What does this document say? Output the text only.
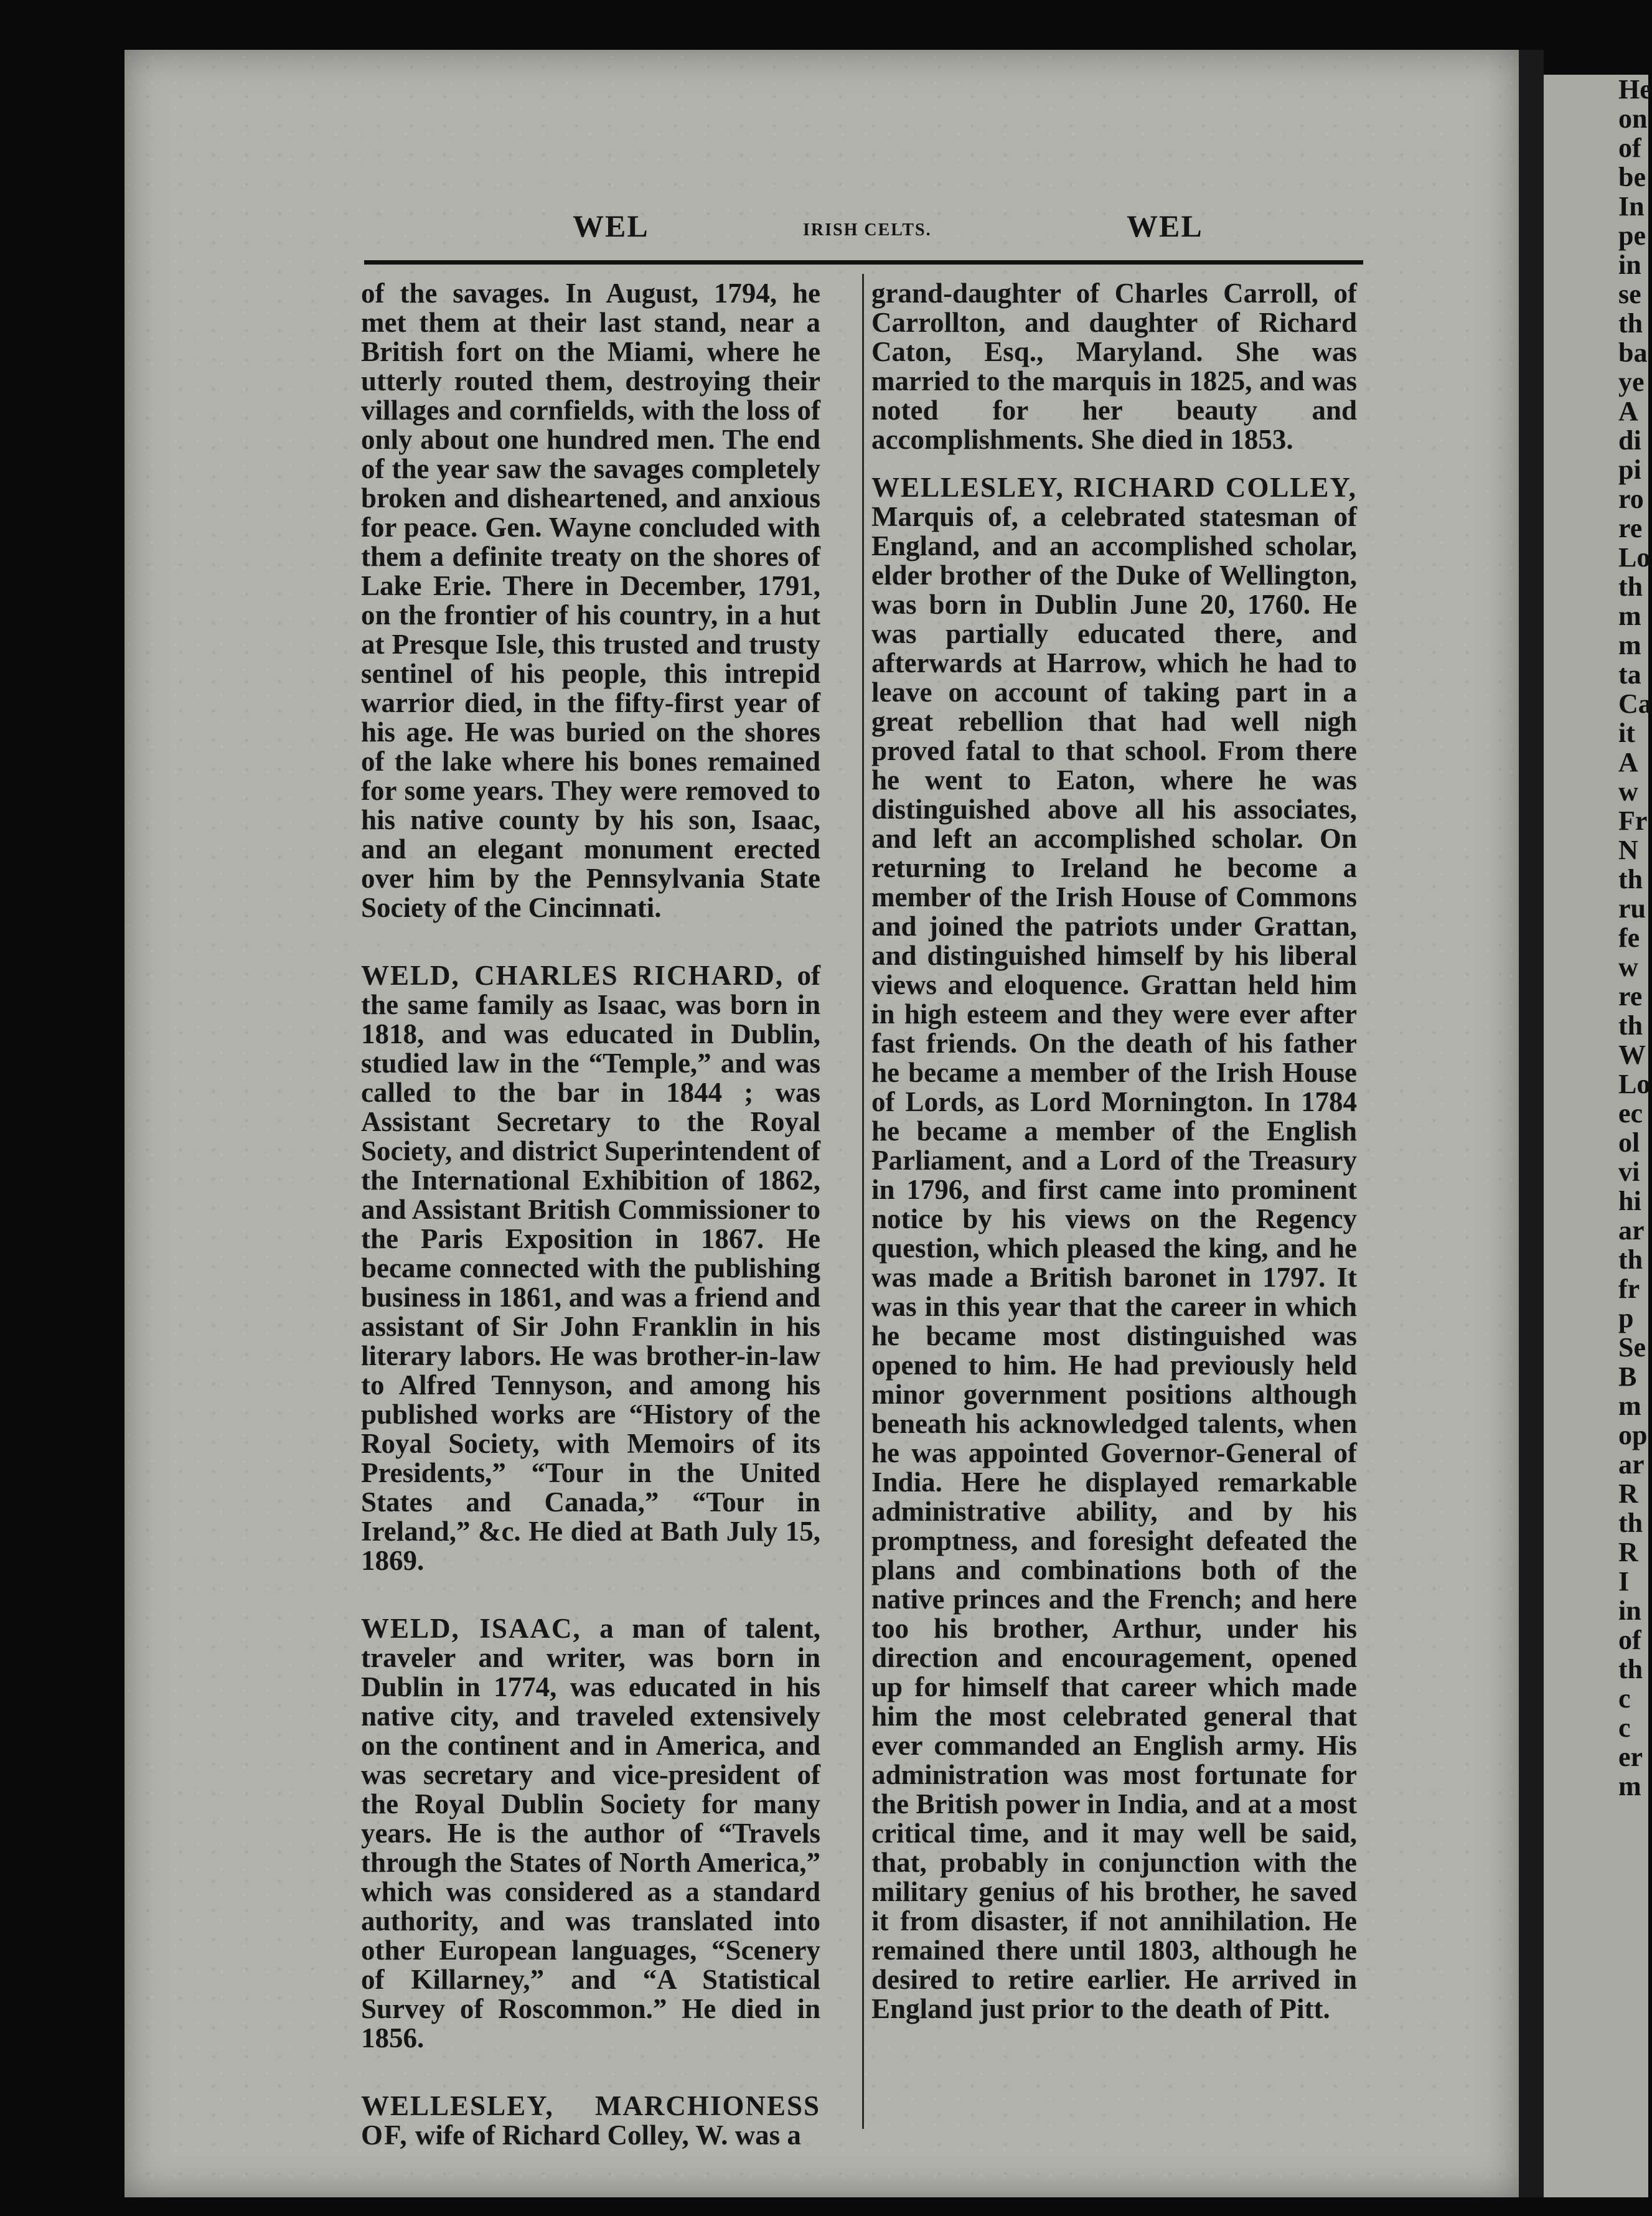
He
on
of
be
In
pe
in
se
th
ba
ye
A
di
pi
ro
re
Lo
th
m
m
ta
Ca
it
A
w
Fr
N
th
ru
fe
w
re
th
W
Lo
ec
ol
vi
hi
ar
th
fr
p
Se
B
m
op
ar
R
th
R
I
in
of
th
c
c
er
m
WEL	IRISH CELTS.	WEL

of the savages. In August, 1794, he met them at their last stand, near a British fort on the Miami, where he utterly routed them, destroying their villages and cornfields, with the loss of only about one hundred men. The end of the year saw the savages completely broken and disheartened, and anxious for peace. Gen. Wayne concluded with them a definite treaty on the shores of Lake Erie. There in December, 1791, on the frontier of his country, in a hut at Presque Isle, this trusted and trusty sentinel of his people, this intrepid warrior died, in the fifty-first year of his age. He was buried on the shores of the lake where his bones remained for some years. They were removed to his native county by his son, Isaac, and an elegant monument erected over him by the Pennsylvania State Society of the Cincinnati.

WELD, CHARLES RICHARD, of the same family as Isaac, was born in 1818, and was educated in Dublin, studied law in the “Temple,” and was called to the bar in 1844 ; was Assistant Secretary to the Royal Society, and district Superintendent of the International Exhibition of 1862, and Assistant British Commissioner to the Paris Exposition in 1867. He became connected with the publishing business in 1861, and was a friend and assistant of Sir John Franklin in his literary labors. He was brother-in-law to Alfred Tennyson, and among his published works are “History of the Royal Society, with Memoirs of its Presidents,” “Tour in the United States and Canada,” “Tour in Ireland,” &c. He died at Bath July 15, 1869.

WELD, ISAAC, a man of talent, traveler and writer, was born in Dublin in 1774, was educated in his native city, and traveled extensively on the continent and in America, and was secretary and vice-president of the Royal Dublin Society for many years. He is the author of “Travels through the States of North America,” which was considered as a standard authority, and was translated into other European languages, “Scenery of Killarney,” and “A Statistical Survey of Roscommon.” He died in 1856.

WELLESLEY, MARCHIONESS OF, wife of Richard Colley, W. was a

grand-daughter of Charles Carroll, of Carrollton, and daughter of Richard Caton, Esq., Maryland. She was married to the marquis in 1825, and was noted for her beauty and accomplishments. She died in 1853.

WELLESLEY, RICHARD COLLEY, Marquis of, a celebrated statesman of England, and an accomplished scholar, elder brother of the Duke of Wellington, was born in Dublin June 20, 1760. He was partially educated there, and afterwards at Harrow, which he had to leave on account of taking part in a great rebellion that had well nigh proved fatal to that school. From there he went to Eaton, where he was distinguished above all his associates, and left an accomplished scholar. On returning to Ireland he become a member of the Irish House of Commons and joined the patriots under Grattan, and distinguished himself by his liberal views and eloquence. Grattan held him in high esteem and they were ever after fast friends. On the death of his father he became a member of the Irish House of Lords, as Lord Mornington. In 1784 he became a member of the English Parliament, and a Lord of the Treasury in 1796, and first came into prominent notice by his views on the Regency question, which pleased the king, and he was made a British baronet in 1797. It was in this year that the career in which he became most distinguished was opened to him. He had previously held minor government positions although beneath his acknowledged talents, when he was appointed Governor-General of India. Here he displayed remarkable administrative ability, and by his promptness, and foresight defeated the plans and combinations both of the native princes and the French; and here too his brother, Arthur, under his direction and encouragement, opened up for himself that career which made him the most celebrated general that ever commanded an English army. His administration was most fortunate for the British power in India, and at a most critical time, and it may well be said, that, probably in conjunction with the military genius of his brother, he saved it from disaster, if not annihilation. He remained there until 1803, although he desired to retire earlier. He arrived in England just prior to the death of Pitt.
